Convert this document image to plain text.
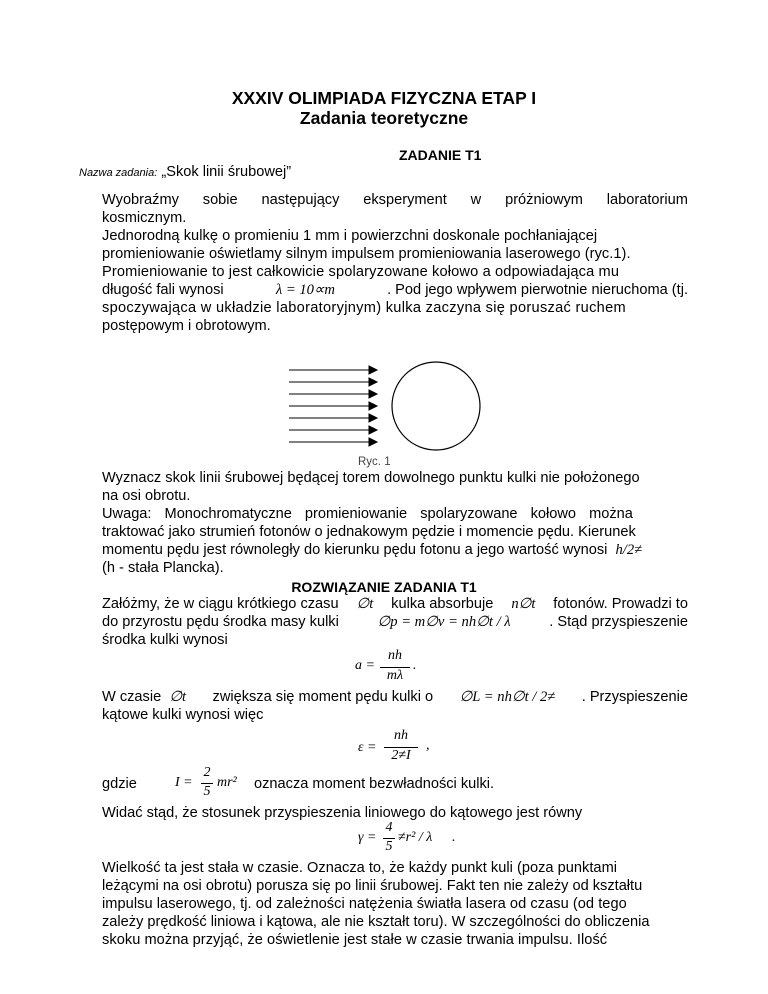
XXXIV OLIMPIADA FIZYCZNA ETAP I
Zadania teoretyczne
ZADANIE T1
Nazwa zadania: „Skok linii śrubowej”
Wyobraźmy sobie następujący eksperyment w próżniowym laboratorium
kosmicznym.
Jednorodną kulkę o promieniu 1 mm i powierzchni doskonale pochłaniającej
promieniowanie oświetlamy silnym impulsem promieniowania laserowego (ryc.1).
Promieniowanie to jest całkowicie spolaryzowane kołowo a odpowiadająca mu
długość fali wynosi	λ = 10∝m	. Pod jego wpływem pierwotnie nieruchoma (tj.
spoczywająca w układzie laboratoryjnym) kulka zaczyna się poruszać ruchem
postępowym i obrotowym.
Ryc. 1
Wyznacz skok linii śrubowej będącej torem dowolnego punktu kulki nie położonego
na osi obrotu.
Uwaga: Monochromatyczne promieniowanie spolaryzowane kołowo można
traktować jako strumień fotonów o jednakowym pędzie i momencie pędu. Kierunek
momentu pędu jest równoległy do kierunku pędu fotonu a jego wartość wynosi h/2≠
(h - stała Plancka).
ROZWIĄZANIE ZADANIA T1
Załóżmy, że w ciągu krótkiego czasu ∅t kulka absorbuje n∅t fotonów. Prowadzi to
do przyrostu pędu środka masy kulki	∅p = m∅v = nh∅t / λ	. Stąd przyspieszenie
środka kulki wynosi
a =
nh
mλ
.
W czasie ∅t zwiększa się moment pędu kulki o ∅L = nh∅t / 2≠ . Przyspieszenie
kątowe kulki wynosi więc
ε =
nh
2≠I
,
gdzie	I =
2
5
mr² oznacza moment bezwładności kulki.
Widać stąd, że stosunek przyspieszenia liniowego do kątowego jest równy
γ =
4
5
≠r² / λ .
Wielkość ta jest stała w czasie. Oznacza to, że każdy punkt kuli (poza punktami
leżącymi na osi obrotu) porusza się po linii śrubowej. Fakt ten nie zależy od kształtu
impulsu laserowego, tj. od zależności natężenia światła lasera od czasu (od tego
zależy prędkość liniowa i kątowa, ale nie kształt toru). W szczególności do obliczenia
skoku można przyjąć, że oświetlenie jest stałe w czasie trwania impulsu. Ilość
